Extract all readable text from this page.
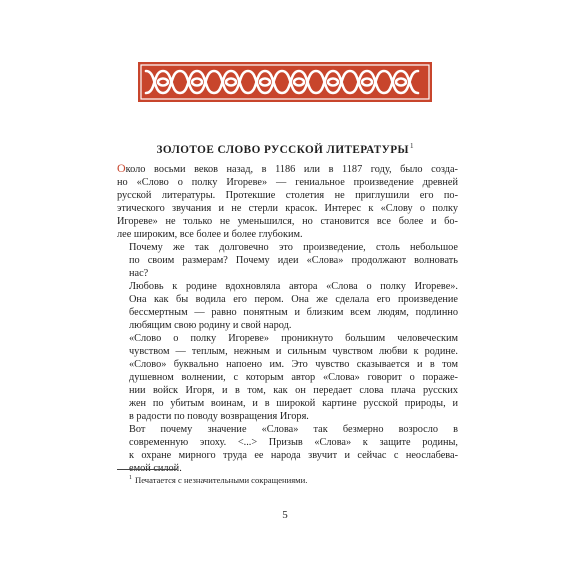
ЗОЛОТОЕ СЛОВО РУССКОЙ ЛИТЕРАТУРЫ$^1$

Около восьми веков назад, в 1186 или в 1187 году, было созда-
но «Слово о полку Игореве» — гениальное произведение древней
русской литературы. Протекшие столетия не приглушили его по-
этического звучания и не стерли красок. Интерес к «Слову о полку
Игореве» не только не уменьшился, но становится все более и бо-
лее широким, все более и более глубоким.

Почему же так долговечно это произведение, столь небольшое
по своим размерам? Почему идеи «Слова» продолжают волновать
нас?

Любовь к родине вдохновляла автора «Слова о полку Игореве».
Она как бы водила его пером. Она же сделала его произведение
бессмертным — равно понятным и близким всем людям, подлинно
любящим свою родину и свой народ.

«Слово о полку Игореве» проникнуто большим человеческим
чувством — теплым, нежным и сильным чувством любви к родине.
«Слово» буквально напоено им. Это чувство сказывается и в том
душевном волнении, с которым автор «Слова» говорит о пораже-
нии войск Игоря, и в том, как он передает слова плача русских
жен по убитым воинам, и в широкой картине русской природы, и
в радости по поводу возвращения Игоря.

Вот почему значение «Слова» так безмерно возросло в
современную эпоху. <...> Призыв «Слова» к защите родины,
к охране мирного труда ее народа звучит и сейчас с неослабева-
емой силой.

$^1$ Печатается с незначительными сокращениями.
5
